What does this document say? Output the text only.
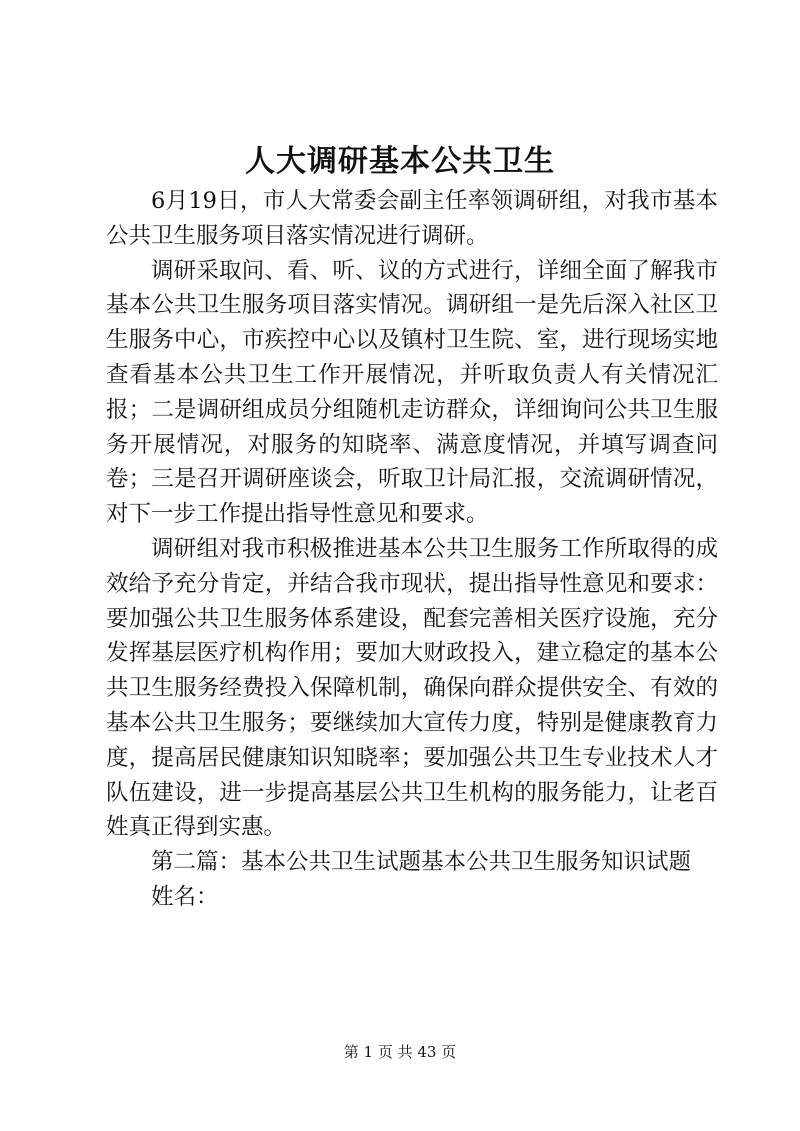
人大调研基本公共卫生

6月19日，市人大常委会副主任率领调研组，对我市基本公共卫生服务项目落实情况进行调研。

调研采取问、看、听、议的方式进行，详细全面了解我市基本公共卫生服务项目落实情况。调研组一是先后深入社区卫生服务中心，市疾控中心以及镇村卫生院、室，进行现场实地查看基本公共卫生工作开展情况，并听取负责人有关情况汇报；二是调研组成员分组随机走访群众，详细询问公共卫生服务开展情况，对服务的知晓率、满意度情况，并填写调查问卷；三是召开调研座谈会，听取卫计局汇报，交流调研情况，对下一步工作提出指导性意见和要求。

调研组对我市积极推进基本公共卫生服务工作所取得的成效给予充分肯定，并结合我市现状，提出指导性意见和要求：要加强公共卫生服务体系建设，配套完善相关医疗设施，充分发挥基层医疗机构作用；要加大财政投入，建立稳定的基本公共卫生服务经费投入保障机制，确保向群众提供安全、有效的基本公共卫生服务；要继续加大宣传力度，特别是健康教育力度，提高居民健康知识知晓率；要加强公共卫生专业技术人才队伍建设，进一步提高基层公共卫生机构的服务能力，让老百姓真正得到实惠。

第二篇：基本公共卫生试题基本公共卫生服务知识试题

姓名：

第 1 页 共 43 页
